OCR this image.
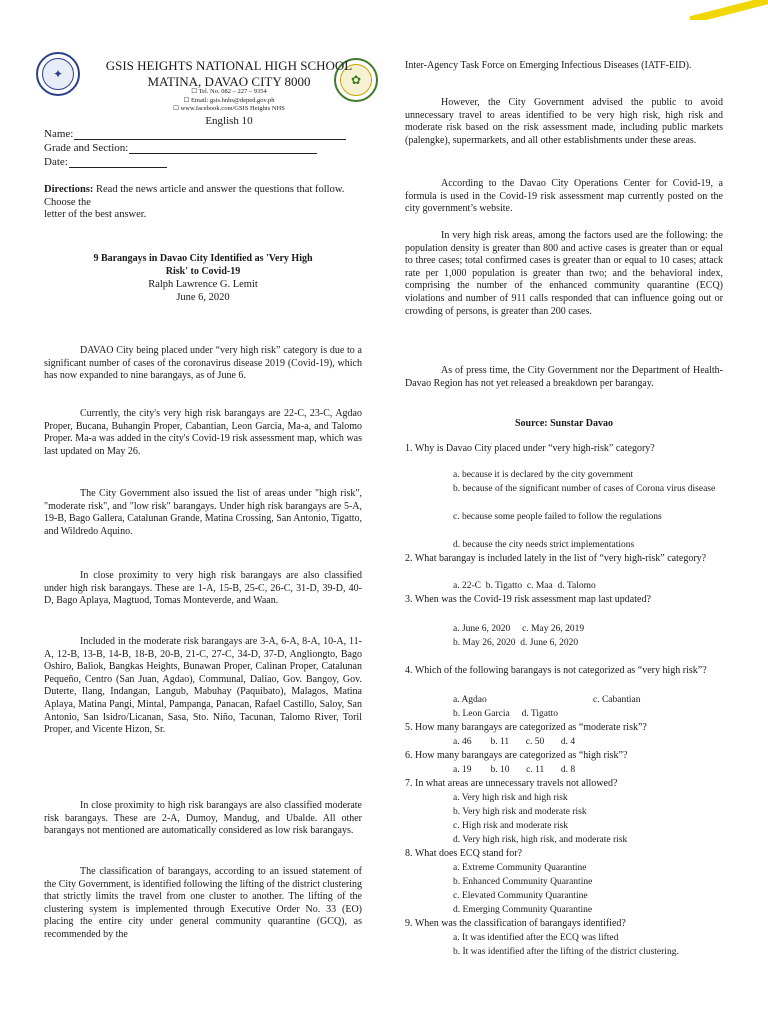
✦	✿
GSIS HEIGHTS NATIONAL HIGH SCHOOL
MATINA, DAVAO CITY 8000
☐ Tel. No. 082 – 227 – 9354
☐ Email: gsis.hnhs@deped.gov.ph
☐ www.facebook.com/GSIS Heights NHS
English 10
Name:
Grade and Section:
Date:

Directions: Read the news article and answer the questions that follow. Choose the

letter of the best answer.

9 Barangays in Davao City Identified as 'Very High
Risk' to Covid-19
Ralph Lawrence G. Lemit
June 6, 2020

DAVAO City being placed under “very high risk” category is due to a significant number of cases of the coronavirus disease 2019 (Covid-19), which has now expanded to nine barangays, as of June 6.

Currently, the city's very high risk barangays are 22-C, 23-C, Agdao Proper, Bucana, Buhangin Proper, Cabantian, Leon Garcia, Ma-a, and Talomo Proper. Ma-a was added in the city's Covid-19 risk assessment map, which was last updated on May 26.

The City Government also issued the list of areas under "high risk", "moderate risk", and "low risk" barangays. Under high risk barangays are 5-A, 19-B, Bago Gallera, Catalunan Grande, Matina Crossing, San Antonio, Tigatto, and Wildredo Aquino.

In close proximity to very high risk barangays are also classified under high risk barangays. These are 1-A, 15-B, 25-C, 26-C, 31-D, 39-D, 40-D, Bago Aplaya, Magtuod, Tomas Monteverde, and Waan.

Included in the moderate risk barangays are 3-A, 6-A, 8-A, 10-A, 11-A, 12-B, 13-B, 14-B, 18-B, 20-B, 21-C, 27-C, 34-D, 37-D, Angliongto, Bago Oshiro, Baliok, Bangkas Heights, Bunawan Proper, Calinan Proper, Catalunan Pequeño, Centro (San Juan, Agdao), Communal, Daliao, Gov. Bangoy, Gov. Duterte, Ilang, Indangan, Langub, Mabuhay (Paquibato), Malagos, Matina Aplaya, Matina Pangi, Mintal, Pampanga, Panacan, Rafael Castillo, Saloy, San Antonio, San Isidro/Licanan, Sasa, Sto. Niño, Tacunan, Talomo River, Toril Proper, and Vicente Hizon, Sr.

In close proximity to high risk barangays are also classified moderate risk barangays. These are 2-A, Dumoy, Mandug, and Ubalde. All other barangays not mentioned are automatically considered as low risk barangays.

The classification of barangays, according to an issued statement of the City Government, is identified following the lifting of the district clustering that strictly limits the travel from one cluster to another. The lifting of the clustering system is implemented through Executive Order No. 33 (EO) placing the entire city under general community quarantine (GCQ), as recommended by the

Inter-Agency Task Force on Emerging Infectious Diseases (IATF-EID).

However, the City Government advised the public to avoid unnecessary travel to areas identified to be very high risk, high risk and moderate risk based on the risk assessment made, including public markets (palengke), supermarkets, and all other establishments under these areas.

According to the Davao City Operations Center for Covid-19, a formula is used in the Covid-19 risk assessment map currently posted on the city government’s website.

In very high risk areas, among the factors used are the following: the population density is greater than 800 and active cases is greater than or equal to three cases; total confirmed cases is greater than or equal to 10 cases; attack rate per 1,000 population is greater than two; and the behavioral index, comprising the number of the enhanced community quarantine (ECQ) violations and number of 911 calls responded that can influence going out or crowding of persons, is greater than 200 cases.

As of press time, the City Government nor the Department of Health-Davao Region has not yet released a breakdown per barangay.

Source: Sunstar Davao
1. Why is Davao City placed under “very high-risk” category?
a. because it is declared by the city government
b. because of the significant number of cases of Corona virus disease
c. because some people failed to follow the regulations
d. because the city needs strict implementations
2. What barangay is included lately in the list of “very high-risk” category?
a. 22-C  b. Tigatto  c. Maa  d. Talomo
3. When was the Covid-19 risk assessment map last updated?
a. June 6, 2020     c. May 26, 2019
b. May 26, 2020  d. June 6, 2020
4. Which of the following barangays is not categorized as “very high risk”?
a. Agdao	c. Cabantian
b. Leon Garcia     d. Tigatto
5. How many barangays are categorized as “moderate risk”?
a. 46        b. 11       c. 50       d. 4
6. How many barangays are categorized as “high risk”?
a. 19        b. 10       c. 11       d. 8
7. In what areas are unnecessary travels not allowed?
a. Very high risk and high risk
b. Very high risk and moderate risk
c. High risk and moderate risk
d. Very high risk, high risk, and moderate risk
8. What does ECQ stand for?
a. Extreme Community Quarantine
b. Enhanced Community Quarantine
c. Elevated Community Quarantine
d. Emerging Community Quarantine
9. When was the classification of barangays identified?
a. It was identified after the ECQ was lifted
b. It was identified after the lifting of the district clustering.
